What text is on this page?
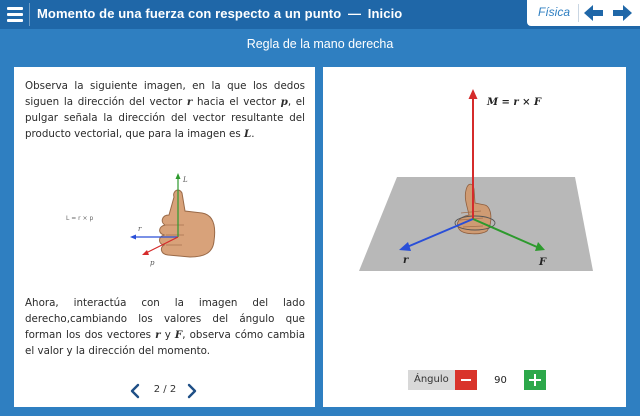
Momento de una fuerza con respecto a un punto — Inicio	Física
Regla de la mano derecha

Observa la siguiente imagen, en la que los dedos siguen la dirección del vector r hacia el vector p, el pulgar señala la dirección del vector resultante del producto vectorial, que para la imagen es L.

L = r × p
L
r
p

Ahora, interactúa con la imagen del lado derecho,cambiando los valores del ángulo que forman los dos vectores r y F, observa cómo cambia el valor y la dirección del momento.

2 / 2
M = r × F
r	F
Ángulo
90
